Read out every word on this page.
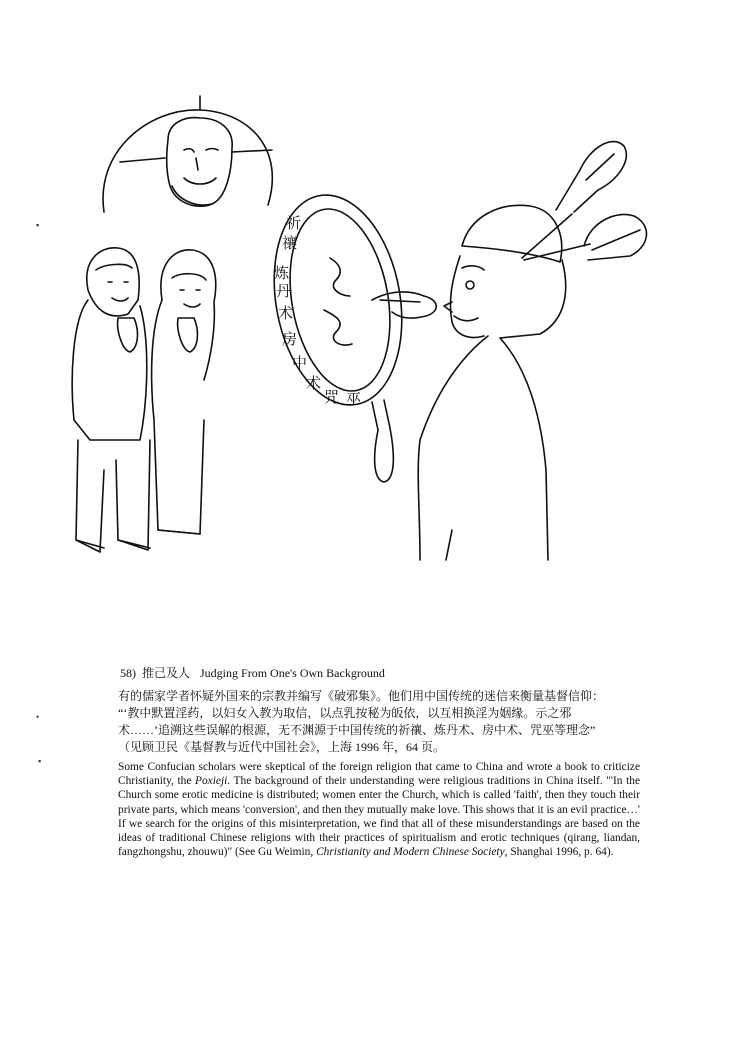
祈
禳
炼
丹
术
房
中
术
咒 巫
▪
•
▪
58) 推己及人 Judging From One's Own Background

有的儒家学者怀疑外国来的宗教并编写《破邪集》。他们用中国传统的迷信来衡量基督信仰：

“‘教中默置淫药，以妇女入教为取信，以点乳按秘为皈依，以互相换淫为姻缘。示之邪

术……’追溯这些误解的根源，无不渊源于中国传统的祈禳、炼丹术、房中术、咒巫等理念”

（见顾卫民《基督教与近代中国社会》，上海 1996 年，64 页。

Some Confucian scholars were skeptical of the foreign religion that came to China and wrote a book to criticize Christianity, the Poxieji. The background of their understanding were religious traditions in China itself. "'In the Church some erotic medicine is distributed; women enter the Church, which is called 'faith', then they touch their private parts, which means 'conversion', and then they mutually make love. This shows that it is an evil practice…' If we search for the origins of this misinterpretation, we find that all of these misunderstandings are based on the ideas of traditional Chinese religions with their practices of spiritualism and erotic techniques (qirang, liandan, fangzhongshu, zhouwu)" (See Gu Weimin, Christianity and Modern Chinese Society, Shanghai 1996, p. 64).
